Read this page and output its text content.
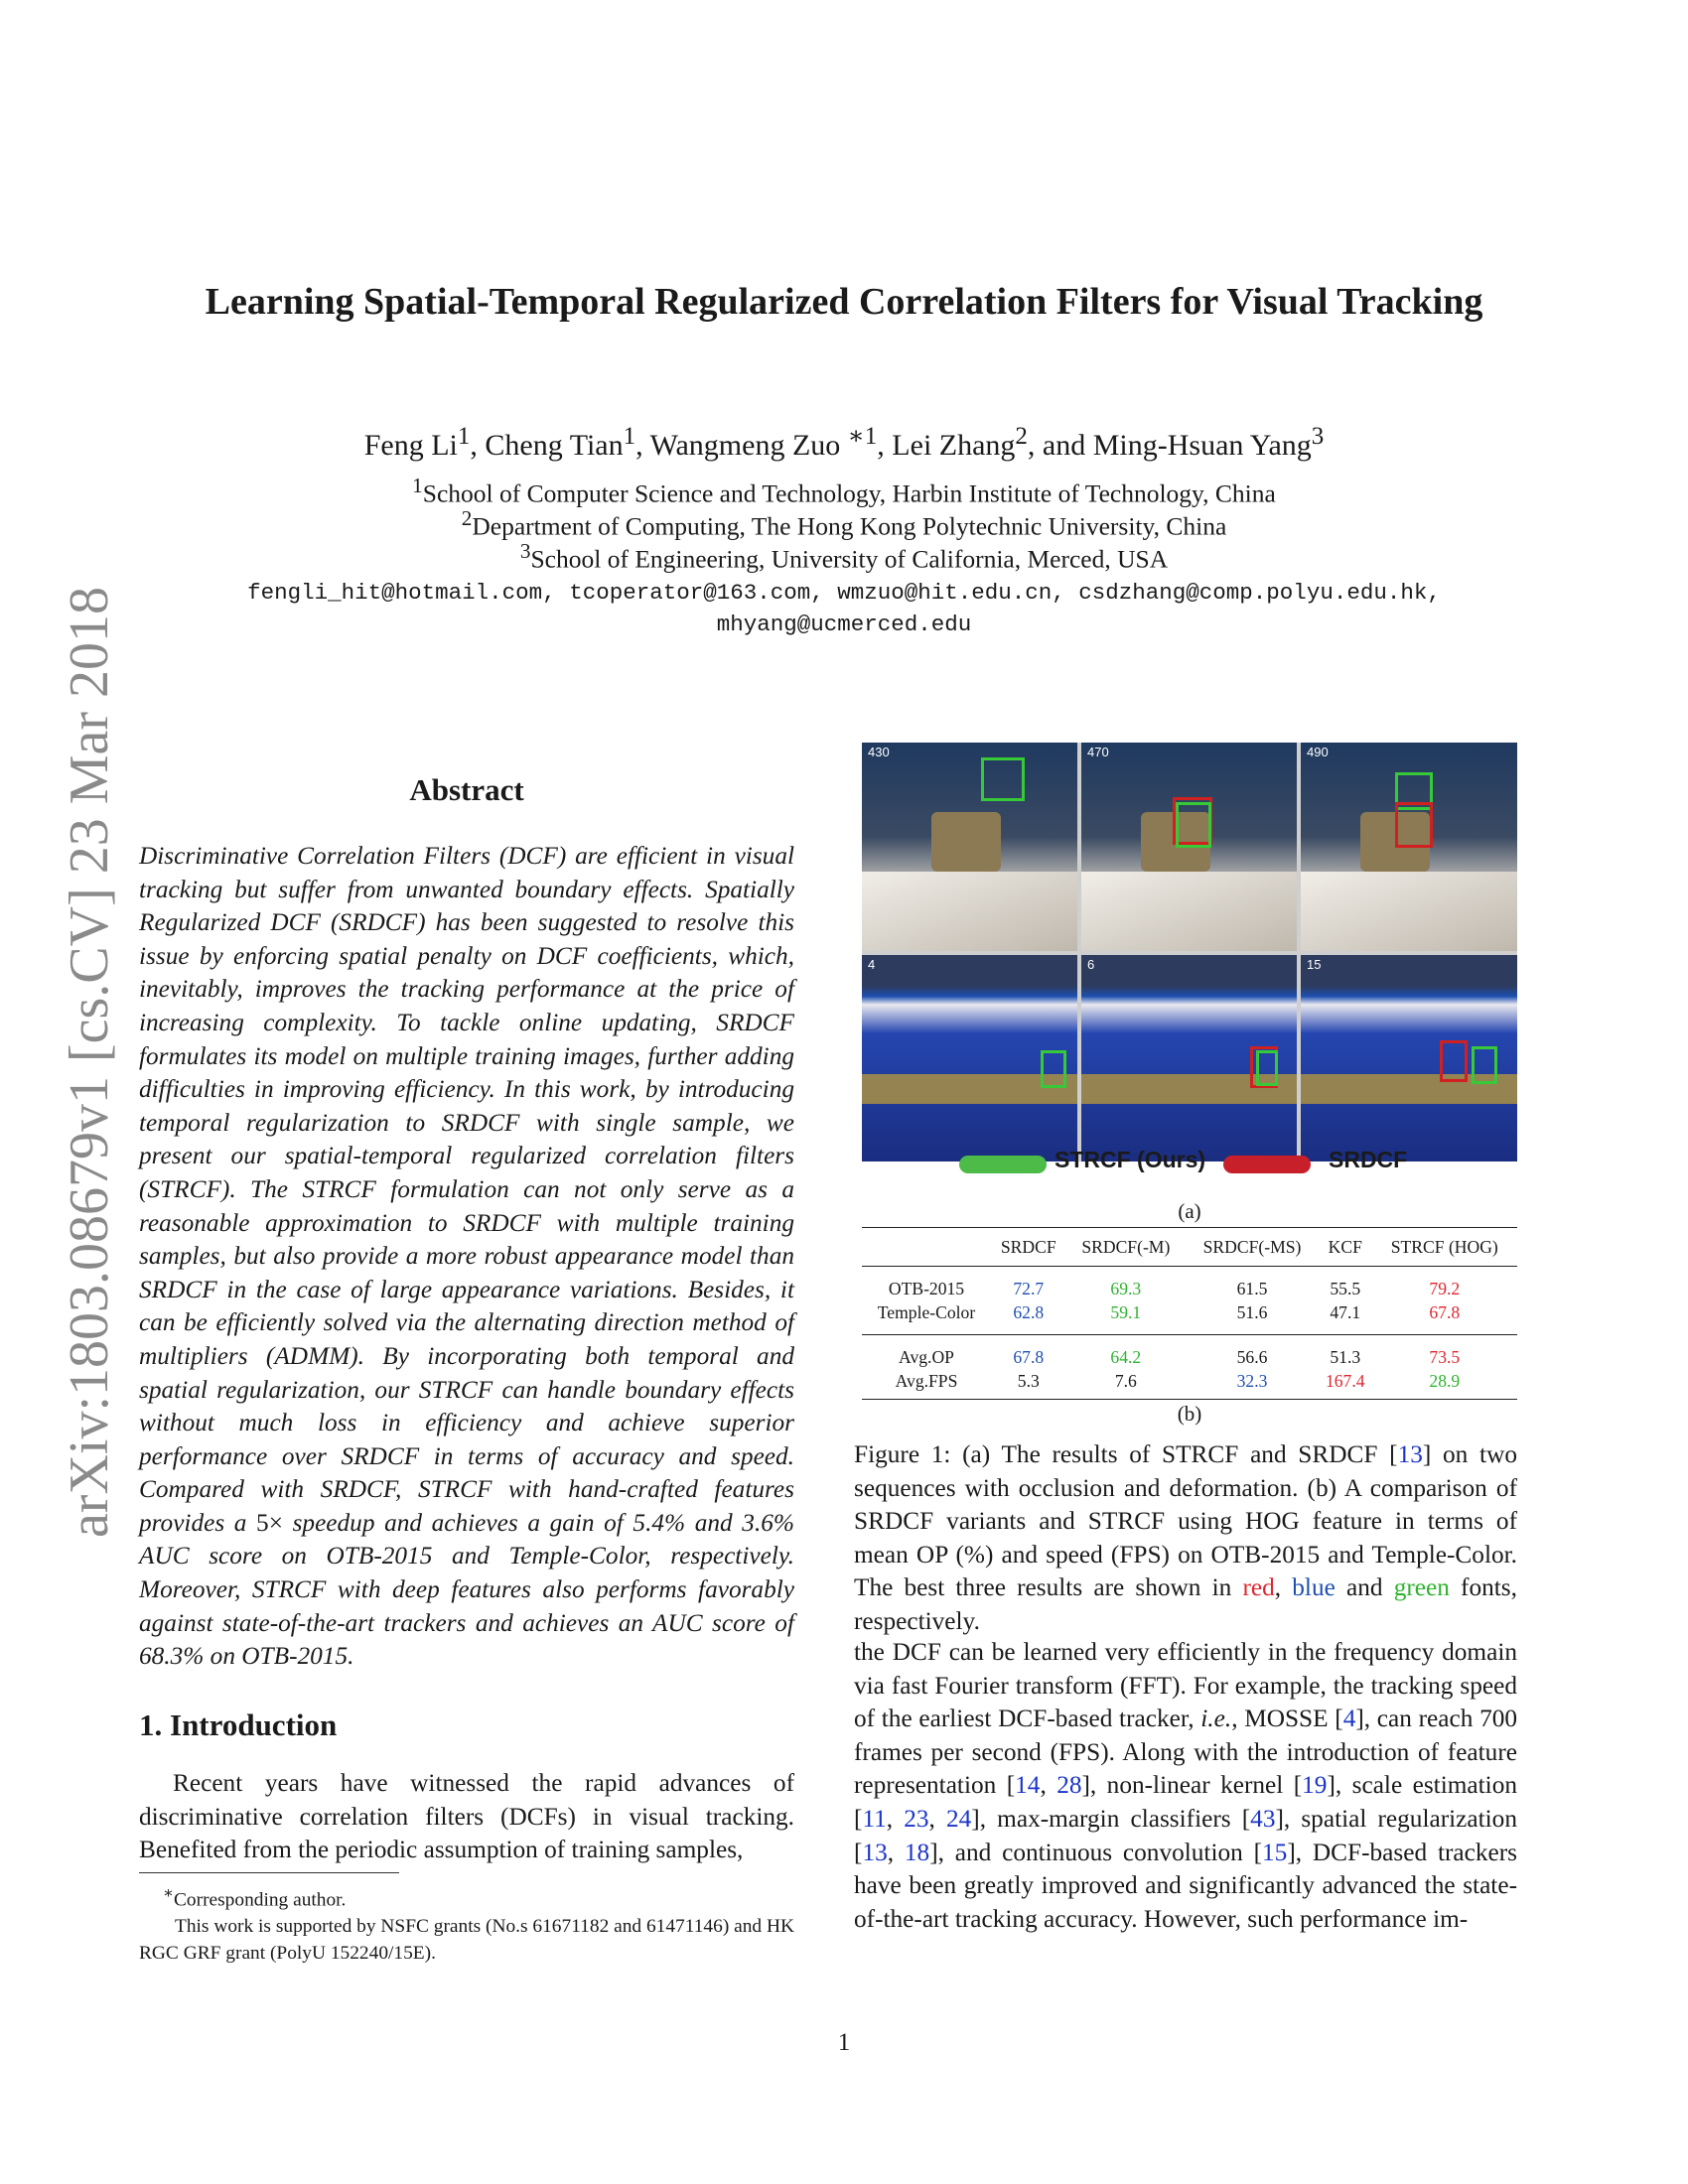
arXiv:1803.08679v1 [cs.CV] 23 Mar 2018
Learning Spatial-Temporal Regularized Correlation Filters for Visual Tracking
Feng Li$^1$, Cheng Tian$^1$, Wangmeng Zuo $^{∗1}$, Lei Zhang$^2$, and Ming-Hsuan Yang$^3$
$^1$School of Computer Science and Technology, Harbin Institute of Technology, China
$^2$Department of Computing, The Hong Kong Polytechnic University, China
$^3$School of Engineering, University of California, Merced, USA
fengli_hit@hotmail.com, tcoperator@163.com, wmzuo@hit.edu.cn, csdzhang@comp.polyu.edu.hk,
mhyang@ucmerced.edu
Abstract
Discriminative Correlation Filters (DCF) are efficient in visual tracking but suffer from unwanted boundary effects. Spatially Regularized DCF (SRDCF) has been suggested to resolve this issue by enforcing spatial penalty on DCF coefficients, which, inevitably, improves the tracking performance at the price of increasing complexity. To tackle online updating, SRDCF formulates its model on multiple training images, further adding difficulties in improving efficiency. In this work, by introducing temporal regularization to SRDCF with single sample, we present our spatial-temporal regularized correlation filters (STRCF). The STRCF formulation can not only serve as a reasonable approximation to SRDCF with multiple training samples, but also provide a more robust appearance model than SRDCF in the case of large appearance variations. Besides, it can be efficiently solved via the alternating direction method of multipliers (ADMM). By incorporating both temporal and spatial regularization, our STRCF can handle boundary effects without much loss in efficiency and achieve superior performance over SRDCF in terms of accuracy and speed. Compared with SRDCF, STRCF with hand-crafted features provides a 5× speedup and achieves a gain of 5.4% and 3.6% AUC score on OTB-2015 and Temple-Color, respectively. Moreover, STRCF with deep features also performs favorably against state-of-the-art trackers and achieves an AUC score of 68.3% on OTB-2015.
1. Introduction
Recent years have witnessed the rapid advances of discriminative correlation filters (DCFs) in visual tracking. Benefited from the periodic assumption of training samples,
∗Corresponding author.
This work is supported by NSFC grants (No.s 61671182 and 61471146) and HK RGC GRF grant (PolyU 152240/15E).
430	470	490
4	6	15
STRCF (Ours)	SRDCF
(a)
	SRDCF	SRDCF(-M)	SRDCF(-MS)	KCF	STRCF (HOG)

OTB-2015	72.7	69.3	61.5	55.5	79.2
Temple-Color	62.8	59.1	51.6	47.1	67.8
Avg.OP	67.8	64.2	56.6	51.3	73.5
Avg.FPS	5.3	7.6	32.3	167.4	28.9
(b)
Figure 1: (a) The results of STRCF and SRDCF [13] on two sequences with occlusion and deformation. (b) A comparison of SRDCF variants and STRCF using HOG feature in terms of mean OP (%) and speed (FPS) on OTB-2015 and Temple-Color. The best three results are shown in red, blue and green fonts, respectively.
the DCF can be learned very efficiently in the frequency domain via fast Fourier transform (FFT). For example, the tracking speed of the earliest DCF-based tracker, i.e., MOSSE [4], can reach 700 frames per second (FPS). Along with the introduction of feature representation [14, 28], non-linear kernel [19], scale estimation [11, 23, 24], max-margin classifiers [43], spatial regularization [13, 18], and continuous convolution [15], DCF-based trackers have been greatly improved and significantly advanced the state-of-the-art tracking accuracy. However, such performance im-
1
